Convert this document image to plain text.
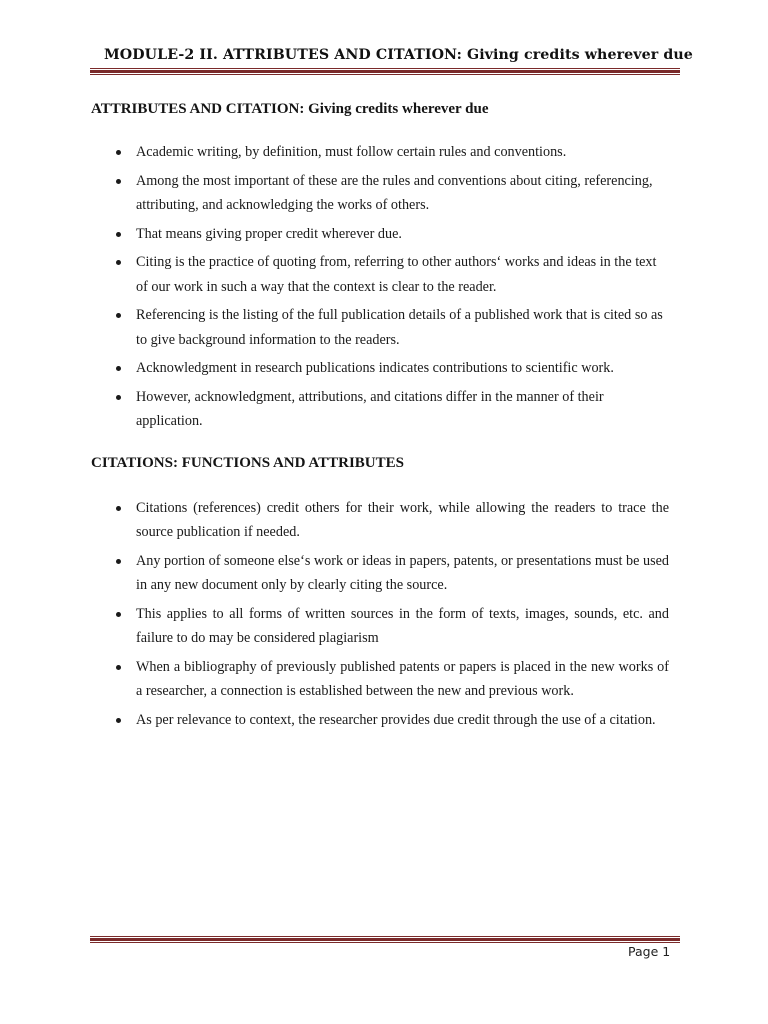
MODULE-2 II. ATTRIBUTES AND CITATION: Giving credits wherever due
ATTRIBUTES AND CITATION: Giving credits wherever due
Academic writing, by definition, must follow certain rules and conventions.
Among the most important of these are the rules and conventions about citing, referencing, attributing, and acknowledging the works of others.
That means giving proper credit wherever due.
Citing is the practice of quoting from, referring to other authors‘ works and ideas in the text of our work in such a way that the context is clear to the reader.
Referencing is the listing of the full publication details of a published work that is cited so as to give background information to the readers.
Acknowledgment in research publications indicates contributions to scientific work.
However, acknowledgment, attributions, and citations differ in the manner of their application.
CITATIONS: FUNCTIONS AND ATTRIBUTES
Citations (references) credit others for their work, while allowing the readers to trace the source publication if needed.
Any portion of someone else‘s work or ideas in papers, patents, or presentations must be used in any new document only by clearly citing the source.
This applies to all forms of written sources in the form of texts, images, sounds, etc. and failure to do may be considered plagiarism
When a bibliography of previously published patents or papers is placed in the new works of a researcher, a connection is established between the new and previous work.
As per relevance to context, the researcher provides due credit through the use of a citation.
Page 1
